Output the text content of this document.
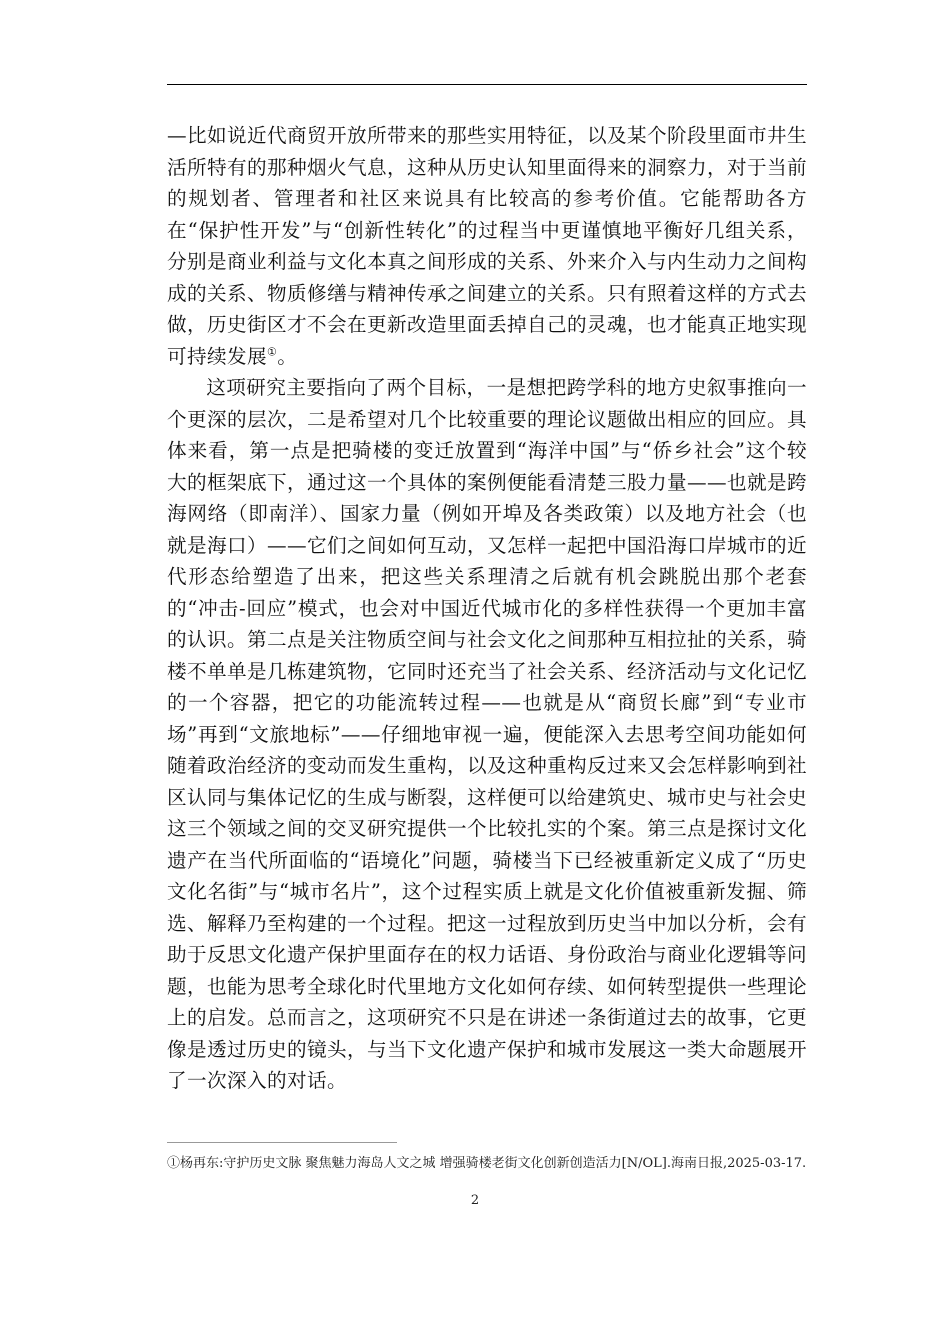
—比如说近代商贸开放所带来的那些实用特征，以及某个阶段里面市井生活所特有的那种烟火气息，这种从历史认知里面得来的洞察力，对于当前的规划者、管理者和社区来说具有比较高的参考价值。它能帮助各方在“保护性开发”与“创新性转化”的过程当中更谨慎地平衡好几组关系，分别是商业利益与文化本真之间形成的关系、外来介入与内生动力之间构成的关系、物质修缮与精神传承之间建立的关系。只有照着这样的方式去做，历史街区才不会在更新改造里面丢掉自己的灵魂，也才能真正地实现可持续发展①。

这项研究主要指向了两个目标，一是想把跨学科的地方史叙事推向一个更深的层次，二是希望对几个比较重要的理论议题做出相应的回应。具体来看，第一点是把骑楼的变迁放置到“海洋中国”与“侨乡社会”这个较大的框架底下，通过这一个具体的案例便能看清楚三股力量——也就是跨海网络（即南洋）、国家力量（例如开埠及各类政策）以及地方社会（也就是海口）——它们之间如何互动，又怎样一起把中国沿海口岸城市的近代形态给塑造了出来，把这些关系理清之后就有机会跳脱出那个老套的“冲击-回应”模式，也会对中国近代城市化的多样性获得一个更加丰富的认识。第二点是关注物质空间与社会文化之间那种互相拉扯的关系，骑楼不单单是几栋建筑物，它同时还充当了社会关系、经济活动与文化记忆的一个容器，把它的功能流转过程——也就是从“商贸长廊”到“专业市场”再到“文旅地标”——仔细地审视一遍，便能深入去思考空间功能如何随着政治经济的变动而发生重构，以及这种重构反过来又会怎样影响到社区认同与集体记忆的生成与断裂，这样便可以给建筑史、城市史与社会史这三个领域之间的交叉研究提供一个比较扎实的个案。第三点是探讨文化遗产在当代所面临的“语境化”问题，骑楼当下已经被重新定义成了“历史文化名街”与“城市名片”，这个过程实质上就是文化价值被重新发掘、筛选、解释乃至构建的一个过程。把这一过程放到历史当中加以分析，会有助于反思文化遗产保护里面存在的权力话语、身份政治与商业化逻辑等问题，也能为思考全球化时代里地方文化如何存续、如何转型提供一些理论上的启发。总而言之，这项研究不只是在讲述一条街道过去的故事，它更像是透过历史的镜头，与当下文化遗产保护和城市发展这一类大命题展开了一次深入的对话。

①杨再东:守护历史文脉 聚焦魅力海岛人文之城 增强骑楼老街文化创新创造活力[N/OL].海南日报,2025-03-17.
2
